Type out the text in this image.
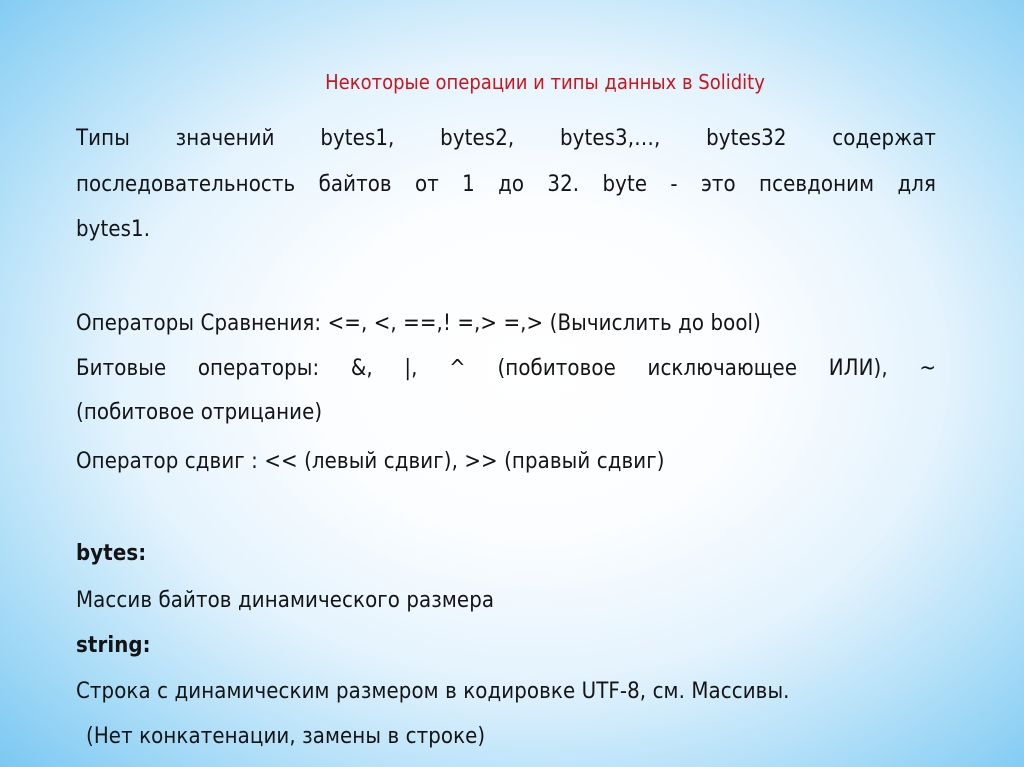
Некоторые операции и типы данных в Solidity
Типы значений bytes1, bytes2, bytes3,…, bytes32 содержат
последовательность байтов от 1 до 32. byte - это псевдоним для
bytes1.
Операторы Сравнения: <=, <, ==,! =,> =,> (Вычислить до bool)
Битовые операторы: &, |, ^ (побитовое исключающее ИЛИ), ~
(побитовое отрицание)
Оператор сдвиг : << (левый сдвиг), >> (правый сдвиг)
bytes:
Массив байтов динамического размера
string:
Строка с динамическим размером в кодировке UTF-8, см. Массивы.
(Нет конкатенации, замены в строке)
